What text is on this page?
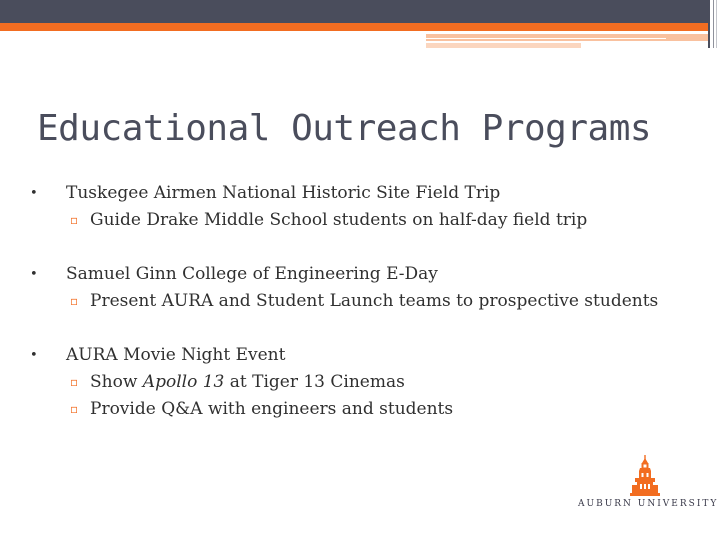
Educational Outreach Programs
• Tuskegee Airmen National Historic Site Field Trip
▫ Guide Drake Middle School students on half-day field trip
• Samuel Ginn College of Engineering E-Day
▫ Present AURA and Student Launch teams to prospective students
• AURA Movie Night Event
▫ Show Apollo 13 at Tiger 13 Cinemas
▫ Provide Q&A with engineers and students
AUBURN UNIVERSITY
